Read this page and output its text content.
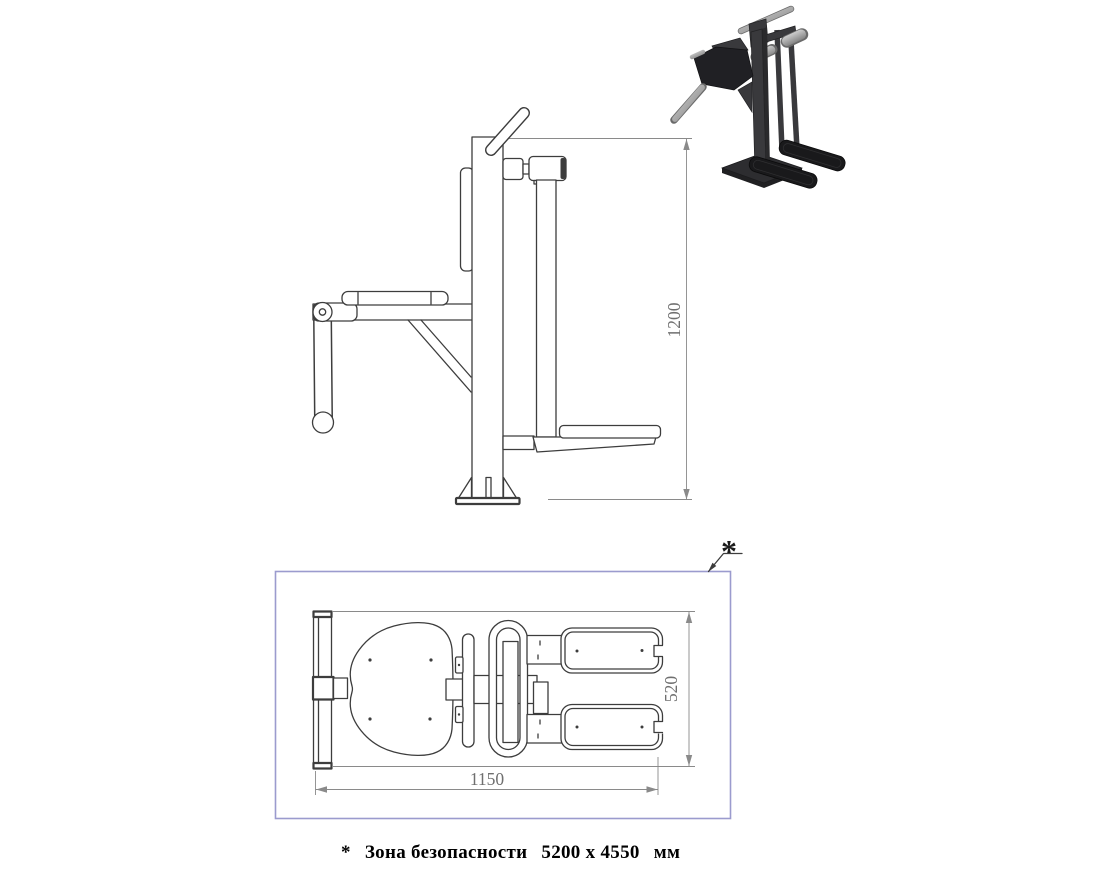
1200
520
1150
*
* Зона безопасности 5200 x 4550 мм
